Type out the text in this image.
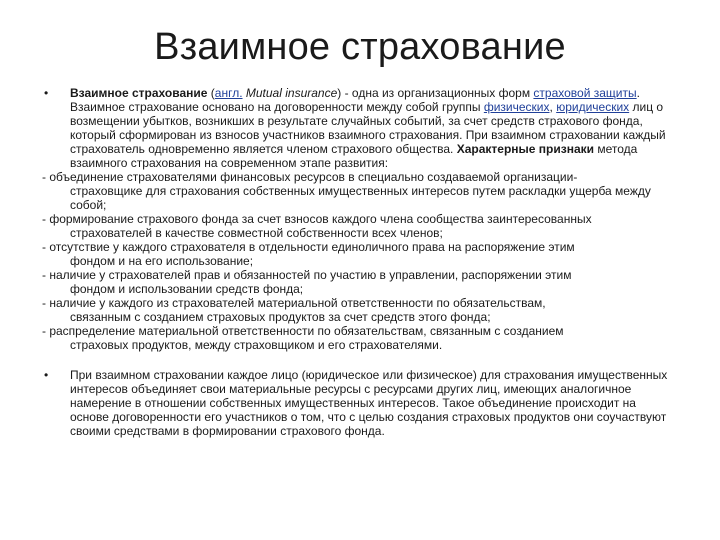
Взаимное страхование
• Взаимное страхование (англ. Mutual insurance) - одна из организационных форм страховой защиты. Взаимное страхование основано на договоренности между собой группы физических, юридических лиц о возмещении убытков, возникших в результате случайных событий, за счет средств страхового фонда, который сформирован из взносов участников взаимного страхования. При взаимном страховании каждый страхователь одновременно является членом страхового общества. Характерные признаки метода взаимного страхования на современном этапе развития:
- объединение страхователями финансовых ресурсов в специально создаваемой организации-
страховщике для страхования собственных имущественных интересов путем раскладки ущерба между собой;
- формирование страхового фонда за счет взносов каждого члена сообщества заинтересованных
страхователей в качестве совместной собственности всех членов;
- отсутствие у каждого страхователя в отдельности единоличного права на распоряжение этим
фондом и на его использование;
- наличие у страхователей прав и обязанностей по участию в управлении, распоряжении этим
фондом и использовании средств фонда;
- наличие у каждого из страхователей материальной ответственности по обязательствам,
связанным с созданием страховых продуктов за счет средств этого фонда;
- распределение материальной ответственности по обязательствам, связанным с созданием
страховых продуктов, между страховщиком и его страхователями.
• При взаимном страховании каждое лицо (юридическое или физическое) для страхования имущественных интересов объединяет свои материальные ресурсы с ресурсами других лиц, имеющих аналогичное намерение в отношении собственных имущественных интересов. Такое объединение происходит на основе договоренности его участников о том, что с целью создания страховых продуктов они соучаствуют своими средствами в формировании страхового фонда.
